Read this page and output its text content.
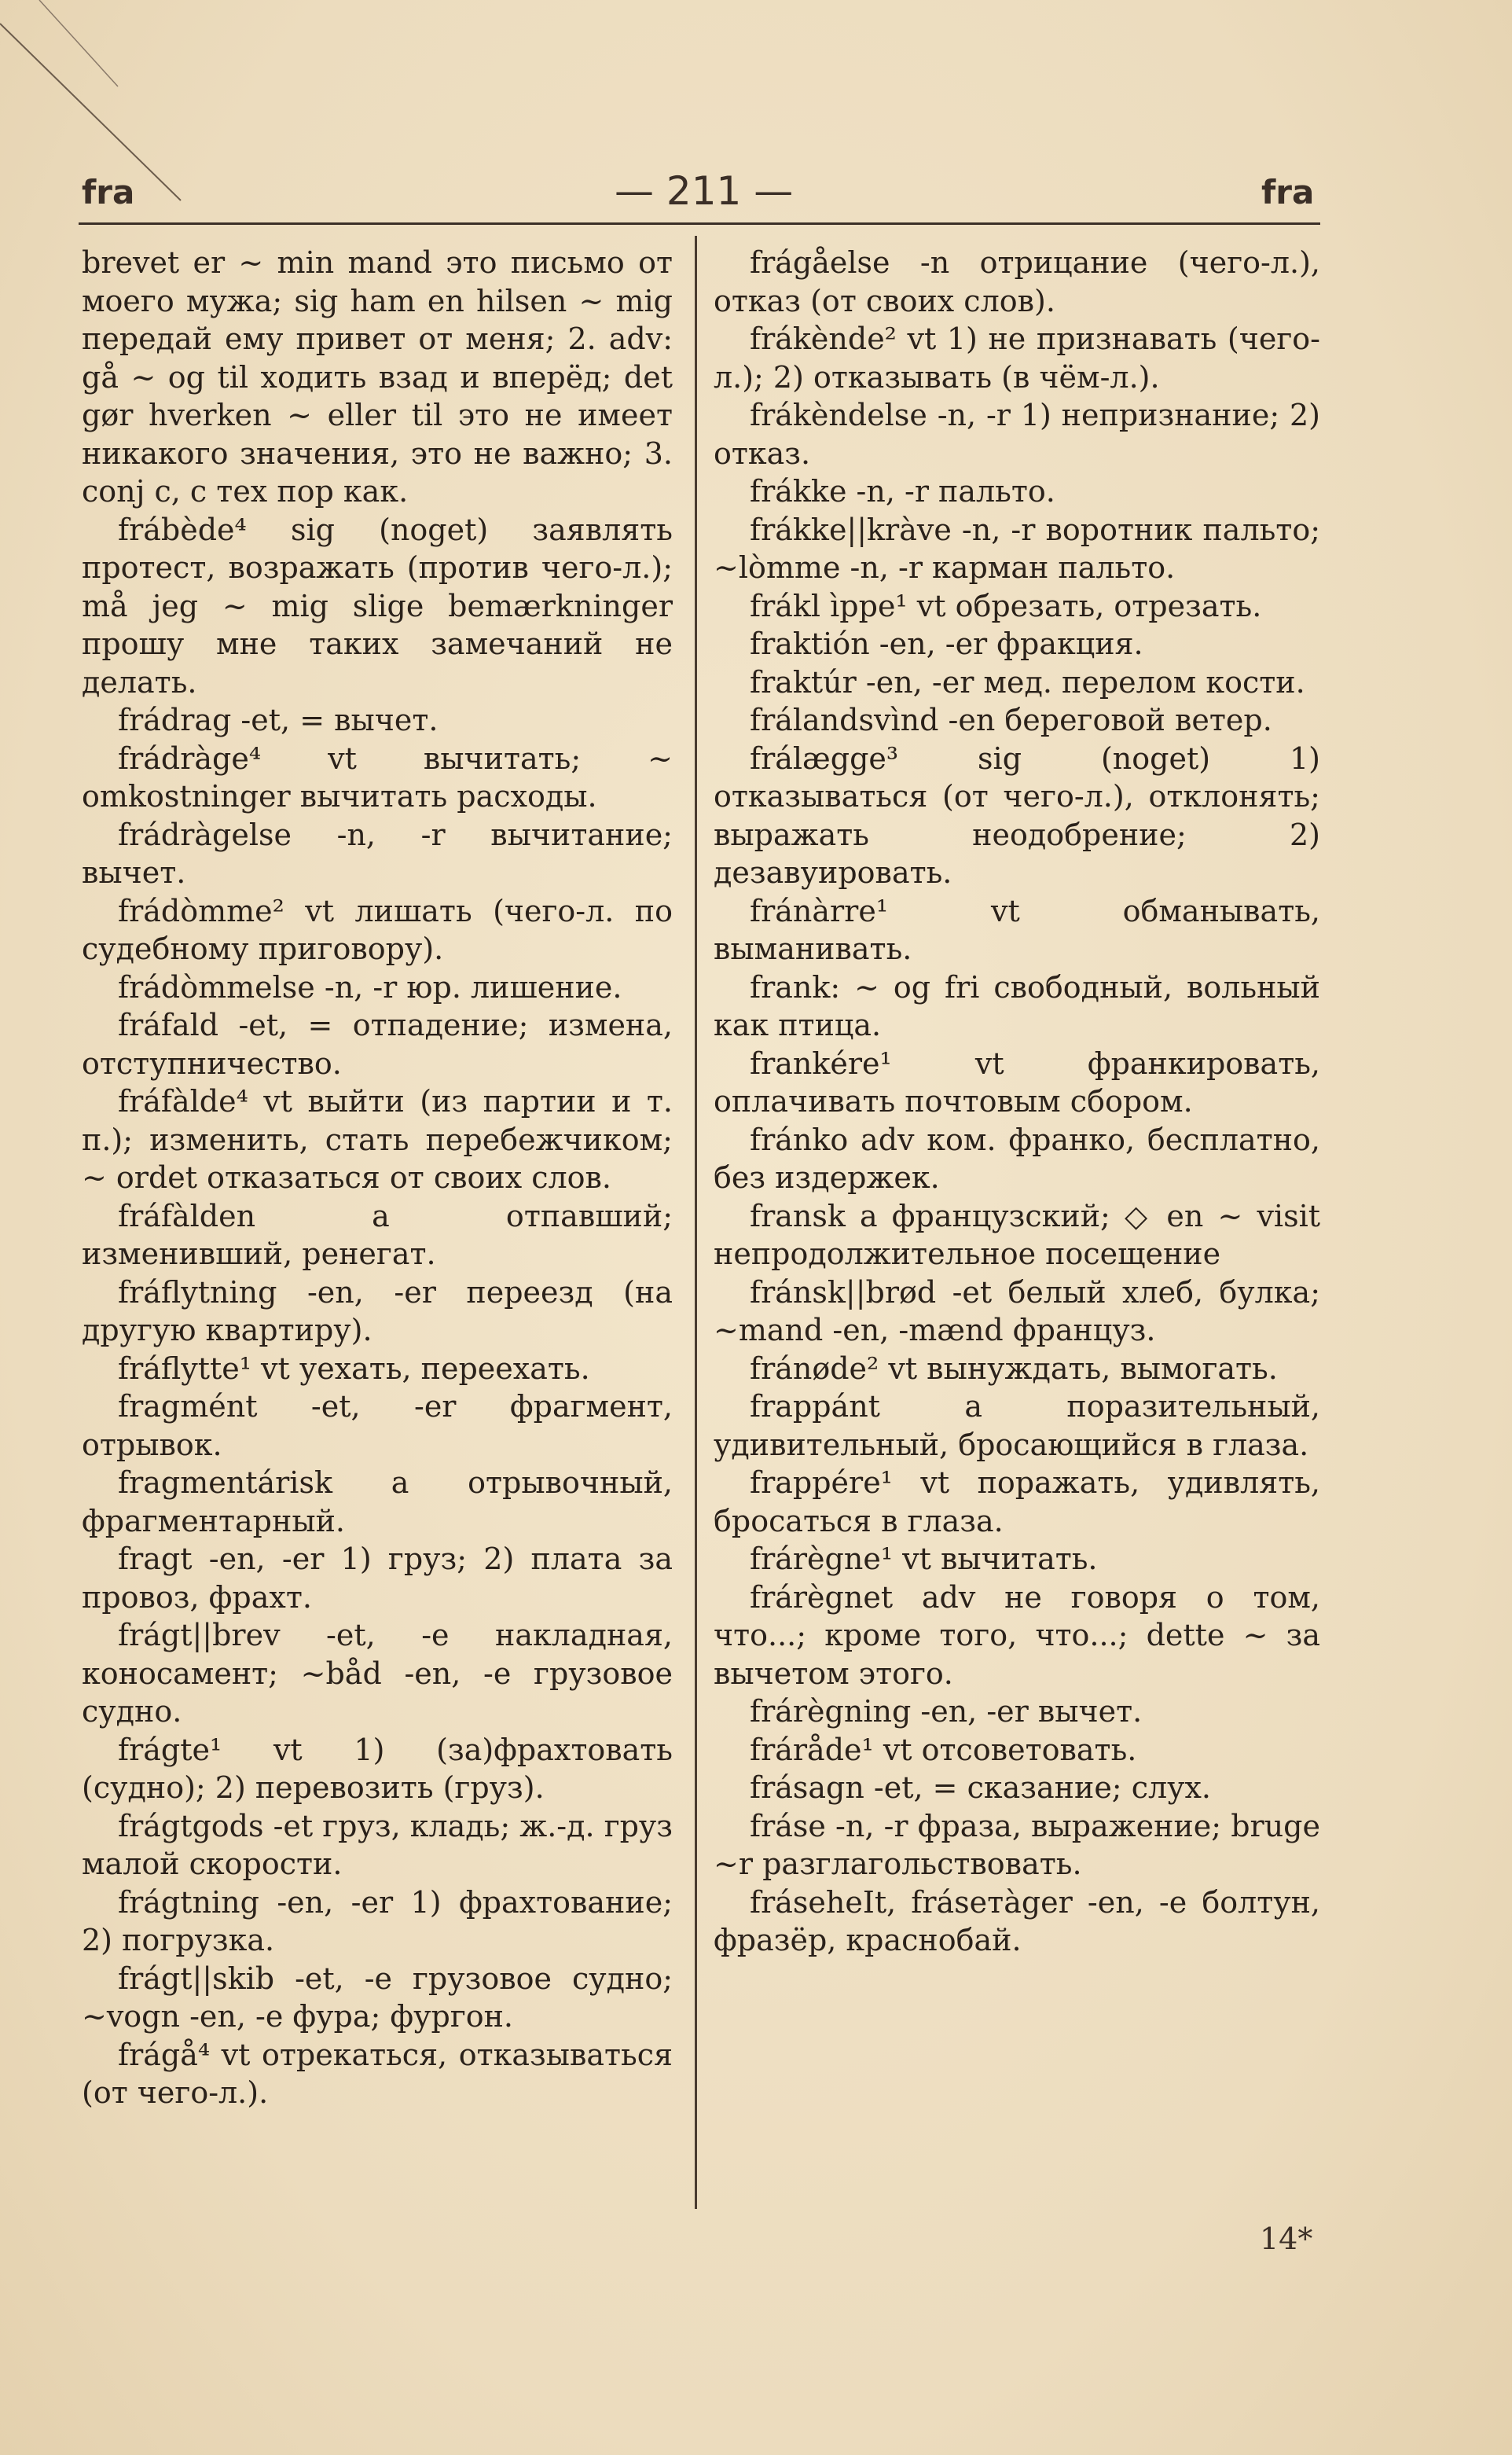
fra	— 211 —	fra

brevet er ~ min mand это письмо от моего мужа; sig ham en hilsen ~ mig передай ему привет от меня; 2. adv: gå ~ og til ходить взад и вперёд; det gør hverken ~ eller til это не имеет никакого значения, это не важно; 3. conj с, с тех пор как.

frábède⁴ sig (noget) заявлять протест, возражать (против чего-л.); må jeg ~ mig slige bemærkninger прошу мне таких замечаний не делать.

frádrag -et, = вычет.

frádràge⁴ vt вычитать; ~ omkostninger вычитать расходы.

frádràgelse -n, -r вычитание; вычет.

frádòmme² vt лишать (чего-л. по судебному приговору).

frádòmmelse -n, -r юр. лишение.

fráfald -et, = отпадение; измена, отступничество.

fráfàlde⁴ vt выйти (из партии и т. п.); изменить, стать перебежчиком; ~ ordet отказаться от своих слов.

fráfàlden a отпавший; изменивший, ренегат.

fráflytning -en, -er переезд (на другую квартиру).

fráflytte¹ vt уехать, переехать.

fragmént -et, -er фрагмент, отрывок.

fragmentárisk a отрывочный, фрагментарный.

fragt -en, -er 1) груз; 2) плата за провоз, фрахт.

frágt||brev -et, -e накладная, коносамент; ~båd -en, -e грузовое судно.

frágte¹ vt 1) (за)фрахтовать (судно); 2) перевозить (груз).

frágtgods -et груз, кладь; ж.-д. груз малой скорости.

frágtning -en, -er 1) фрахтование; 2) погрузка.

frágt||skib -et, -e грузовое судно; ~vogn -en, -e фура; фургон.

frágå⁴ vt отрекаться, отказываться (от чего-л.).

frágåelse -n отрицание (чего-л.), отказ (от своих слов).

frákènde² vt 1) не признавать (чего-л.); 2) отказывать (в чём-л.).

frákèndelse -n, -r 1) непризнание; 2) отказ.

frákke -n, -r пальто.

frákke||kràve -n, -r воротник пальто; ~lòmme -n, -r карман пальто.

frákl ìppe¹ vt обрезать, отрезать.

fraktión -en, -er фракция.

fraktúr -en, -er мед. перелом кости.

frálandsvìnd -en береговой ветер.

frálægge³ sig (noget) 1) отказываться (от чего-л.), отклонять; выражать неодобрение; 2) дезавуировать.

fránàrre¹ vt обманывать, выманивать.

frank: ~ og fri свободный, вольный как птица.

frankére¹ vt франкировать, оплачивать почтовым сбором.

fránko adv ком. франко, бесплатно, без издержек.

fransk a французский; ◇ en ~ visit непродолжительное посещение

fránsk||brød -et белый хлеб, булка; ~mand -en, -mænd француз.

fránøde² vt вынуждать, вымогать.

frappánt a поразительный, удивительный, бросающийся в глаза.

frappére¹ vt поражать, удивлять, бросаться в глаза.

frárègne¹ vt вычитать.

frárègnet adv не говоря о том, что...; кроме того, что...; dette ~ за вычетом этого.

frárègning -en, -er вычет.

frárådе¹ vt отсоветовать.

frásagn -et, = сказание; слух.

fráse -n, -r фраза, выражение; bruge ~r разглагольствовать.

fráseheIt, fráseтàger -en, -e болтун, фразёр, краснобай.

14*
